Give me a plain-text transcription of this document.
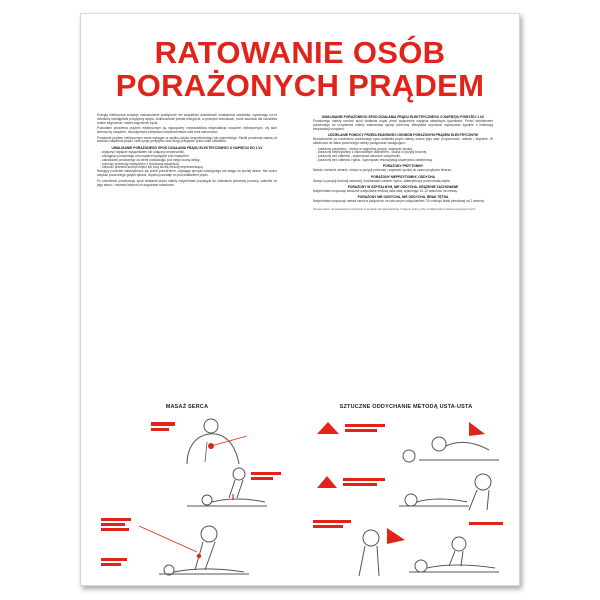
RATOWANIE OSÓB
PORAŻONYCH PRĄDEM

Energia elektryczna znajduje zastosowanie praktycznie we wszystkich dziedzinach działalności człowieka, wywierając na te dziedziny niewątpliwie pozytywny wpływ. Jednocześnie jednak energia ta, w pewnych warunkach, może stanowić dla człowieka realne zagrożenie, nawet zagrożenie życia.

Powodami porażenia prądem elektrycznym są najczęściej: nieprawidłowa eksploatacja urządzeń elektrycznych, zły stan techniczny urządzeń, nieznajomość przepisów bezpieczeństwa oraz brak ostrożności.

Porażenie prądem elektrycznym może wystąpić w wyniku dotyku bezpośredniego lub pośredniego. Skutki porażenia zależą od wartości natężenia prądu, czasu jego przepływu oraz drogi przepływu przez ciało człowieka.

UWALNIANIE PORAŻONEGO SPOD DZIAŁANIA PRĄDU ELEKTRYCZNEGO O NAPIĘCIU DO 1 kV

- wyłączyć napięcie wyłącznikiem lub odłączyć bezpieczniki,

- odciągnąć porażonego od urządzeń będących pod napięciem,

- odizolować porażonego od ziemi podsuwając pod niego suchą deskę,

- przeciąć przewody narzędziem z izolowaną rękojeścią,

- odrzucić przewód suchym kijem lub inną suchą rzeczą nieprzewodzącą.

Ratujący powinien zabezpieczyć się przed porażeniem, używając sprzętu izolacyjnego lub stając na suchej desce. Nie wolno dotykać porażonego gołymi rękami, dopóki pozostaje on pod działaniem prądu.

Po uwolnieniu porażonego spod działania prądu należy natychmiast przystąpić do udzielania pierwszej pomocy, zależnie od jego stanu, i wezwać lekarza lub pogotowie ratunkowe.

UWALNIANIE PORAŻONEGO SPOD DZIAŁANIA PRĄDU ELEKTRYCZNEGO O NAPIĘCIU POWYŻEJ 1 kV

Porażonego należy uwolnić spod działania prądu przez wyłączenie napięcia właściwym łącznikiem. Przed uwolnieniem porażonego od urządzenia należy zastosować sprzęt ochronny. Wszystkie czynności wykonywać zgodnie z instrukcją eksploatacji urządzeń.

UDZIELANIE POMOCY PRZEDLEKARSKIEJ OSOBOM PORAŻONYM PRĄDEM ELEKTRYCZNYM

Bezzwłocznie po uwolnieniu porażonego spod działania prądu należy ocenić jego stan: przytomność, oddech i krążenie. W zależności od stanu porażonego należy postępować następująco:

- porażony przytomny - ułożyć w wygodnej pozycji, zapewnić spokój,

- porażony nieprzytomny z zachowanym oddechem - ułożyć w pozycji bocznej,

- porażony bez oddechu - wykonywać sztuczne oddychanie,

- porażony bez oddechu i tętna - wykonywać resuscytację krążeniowo-oddechową.

PORAŻONY PRZYTOMNY

Należy rozluźnić ubranie, ułożyć w pozycji poziomej i zapewnić spokój do czasu przybycia lekarza.

PORAŻONY NIEPRZYTOMNY, ODDYCHA

Ułożyć w pozycji bocznej ustalonej, kontrolować oddech i tętno, zabezpieczyć przed utratą ciepła.

PORAŻONY W SZPITALNYM, NIE ODDYCHA, KRĄŻENIE ZACHOWANE

Natychmiast rozpocząć sztuczne oddychanie metodą usta-usta, wykonując 10-12 wdechów na minutę.

PORAŻONY NIE ODDYCHA, NIE ODDYCHA, BRAK TĘTNA

Natychmiast rozpocząć masaż serca w połączeniu ze sztucznym oddychaniem: 30 uciśnięć klatki piersiowej na 2 wdechy.

Opracowano na podstawie przepisów w sprawie bezpieczeństwa i higieny pracy przy urządzeniach elektroenergetycznych.

MASAŻ SERCA	SZTUCZNE ODDYCHANIE METODĄ USTA-USTA
